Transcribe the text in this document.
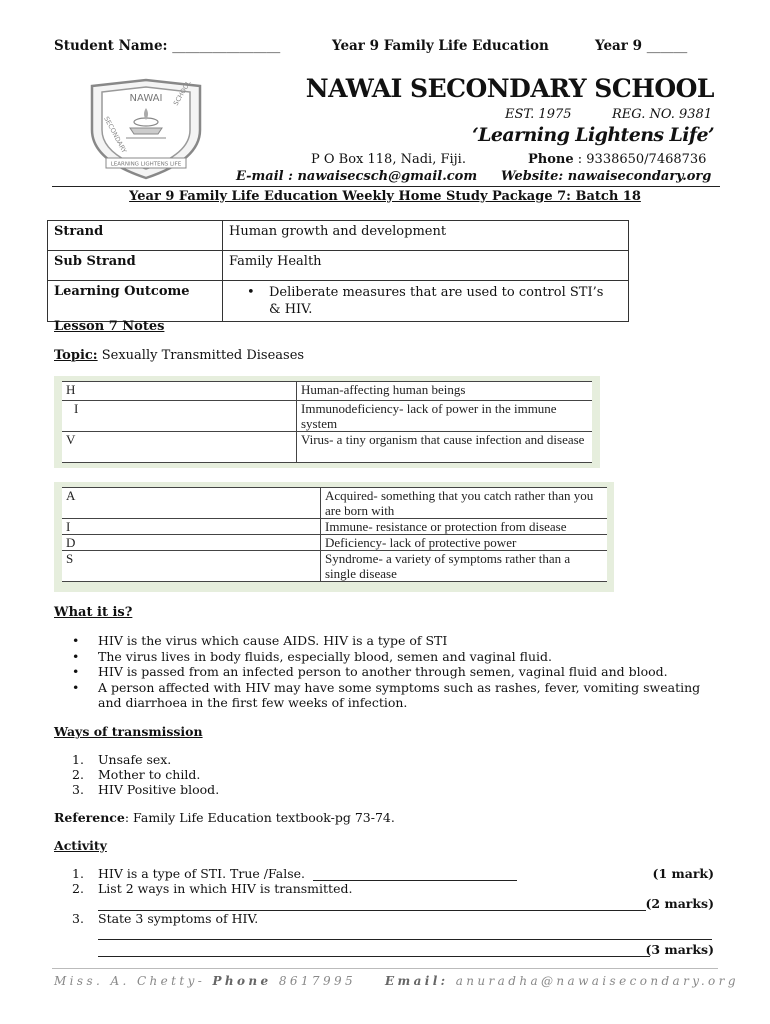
Student Name: ________________	Year 9 Family Life Education	Year 9 ______
NAWAI
SECONDARY
SCHOOL
LEARNING LIGHTENS LIFE
NAWAI SECONDARY SCHOOL
EST. 1975	REG. NO. 9381
‘Learning Lightens Life’
P O Box 118, Nadi, Fiji.	Phone : 9338650/7468736
E-mail : nawaisecsch@gmail.com Website: nawaisecondary.org
Year 9 Family Life Education Weekly Home Study Package 7: Batch 18
Strand	Human growth and development
Sub Strand	Family Health
Learning Outcome	• Deliberate measures that are used to control STI’s
& HIV.
Lesson 7 Notes
Topic: Sexually Transmitted Diseases
H	Human-affecting human beings
I	Immunodeficiency- lack of power in the immune system
V	Virus- a tiny organism that cause infection and disease
A	Acquired- something that you catch rather than you are born with
I	Immune- resistance or protection from disease
D	Deficiency- lack of protective power
S	Syndrome- a variety of symptoms rather than a single disease
What it is?
•	HIV is the virus which cause AIDS. HIV is a type of STI
•	The virus lives in body fluids, especially blood, semen and vaginal fluid.
•	HIV is passed from an infected person to another through semen, vaginal fluid and blood.
•	A person affected with HIV may have some symptoms such as rashes, fever, vomiting sweating and diarrhoea in the first few weeks of infection.
Ways of transmission
1.	Unsafe sex.
2.	Mother to child.
3.	HIV Positive blood.
Reference: Family Life Education textbook-pg 73-74.
Activity
1. HIV is a type of STI. True /False.	(1 mark)
2. List 2 ways in which HIV is transmitted.
(2 marks)
3. State 3 symptoms of HIV.
(3 marks)
Miss. A. Chetty- Phone 8617995 Email: anuradha@nawaisecondary.org
